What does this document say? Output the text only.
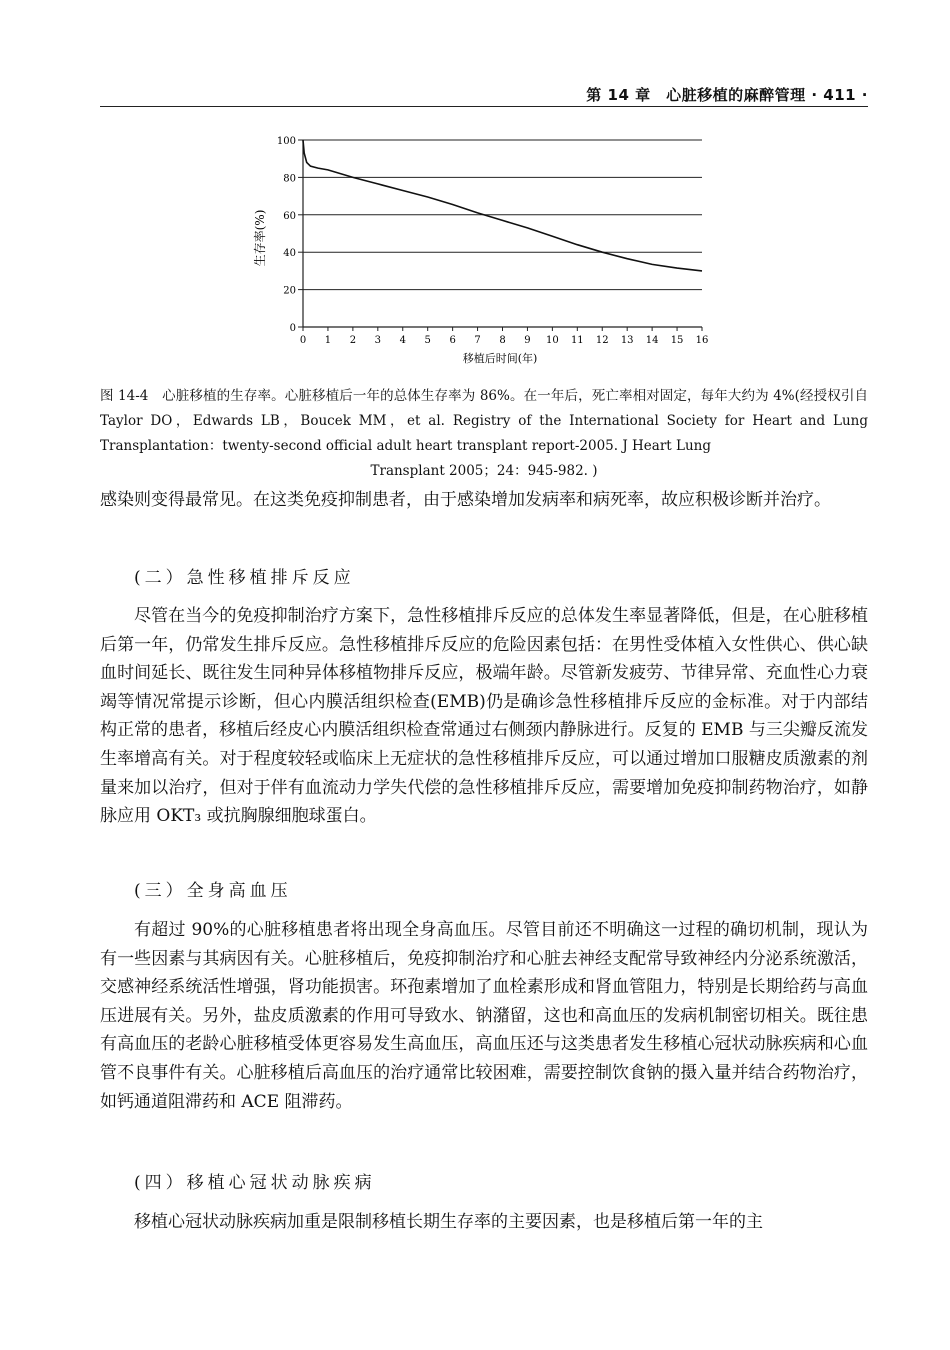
第 14 章　心脏移植的麻醉管理 · 411 ·
0 1 2 3 4 5 6 7 8 9 10 11 12 13 14 15 16
0
20
40
60
80
100
移植后时间(年)
生存率(%)
图 14-4　心脏移植的生存率。心脏移植后一年的总体生存率为 86%。在一年后，死亡率相对固定，每年大约为 4%(经授权引自 Taylor DO，Edwards LB，Boucek MM，et al. Registry of the International Society for Heart and Lung Transplantation：twenty-second official adult heart transplant report-2005. J Heart Lung
Transplant 2005；24：945-982. )
感染则变得最常见。在这类免疫抑制患者，由于感染增加发病率和病死率，故应积极诊断并治疗。
(二）急性移植排斥反应
尽管在当今的免疫抑制治疗方案下，急性移植排斥反应的总体发生率显著降低，但是，在心脏移植后第一年，仍常发生排斥反应。急性移植排斥反应的危险因素包括：在男性受体植入女性供心、供心缺血时间延长、既往发生同种异体移植物排斥反应，极端年龄。尽管新发疲劳、节律异常、充血性心力衰竭等情况常提示诊断，但心内膜活组织检查(EMB)仍是确诊急性移植排斥反应的金标准。对于内部结构正常的患者，移植后经皮心内膜活组织检查常通过右侧颈内静脉进行。反复的 EMB 与三尖瓣反流发生率增高有关。对于程度较轻或临床上无症状的急性移植排斥反应，可以通过增加口服糖皮质激素的剂量来加以治疗，但对于伴有血流动力学失代偿的急性移植排斥反应，需要增加免疫抑制药物治疗，如静脉应用 OKT₃ 或抗胸腺细胞球蛋白。
(三）全身高血压
有超过 90%的心脏移植患者将出现全身高血压。尽管目前还不明确这一过程的确切机制，现认为有一些因素与其病因有关。心脏移植后，免疫抑制治疗和心脏去神经支配常导致神经内分泌系统激活，交感神经系统活性增强，肾功能损害。环孢素增加了血栓素形成和肾血管阻力，特别是长期给药与高血压进展有关。另外，盐皮质激素的作用可导致水、钠潴留，这也和高血压的发病机制密切相关。既往患有高血压的老龄心脏移植受体更容易发生高血压，高血压还与这类患者发生移植心冠状动脉疾病和心血管不良事件有关。心脏移植后高血压的治疗通常比较困难，需要控制饮食钠的摄入量并结合药物治疗，如钙通道阻滞药和 ACE 阻滞药。
(四）移植心冠状动脉疾病
移植心冠状动脉疾病加重是限制移植长期生存率的主要因素，也是移植后第一年的主
